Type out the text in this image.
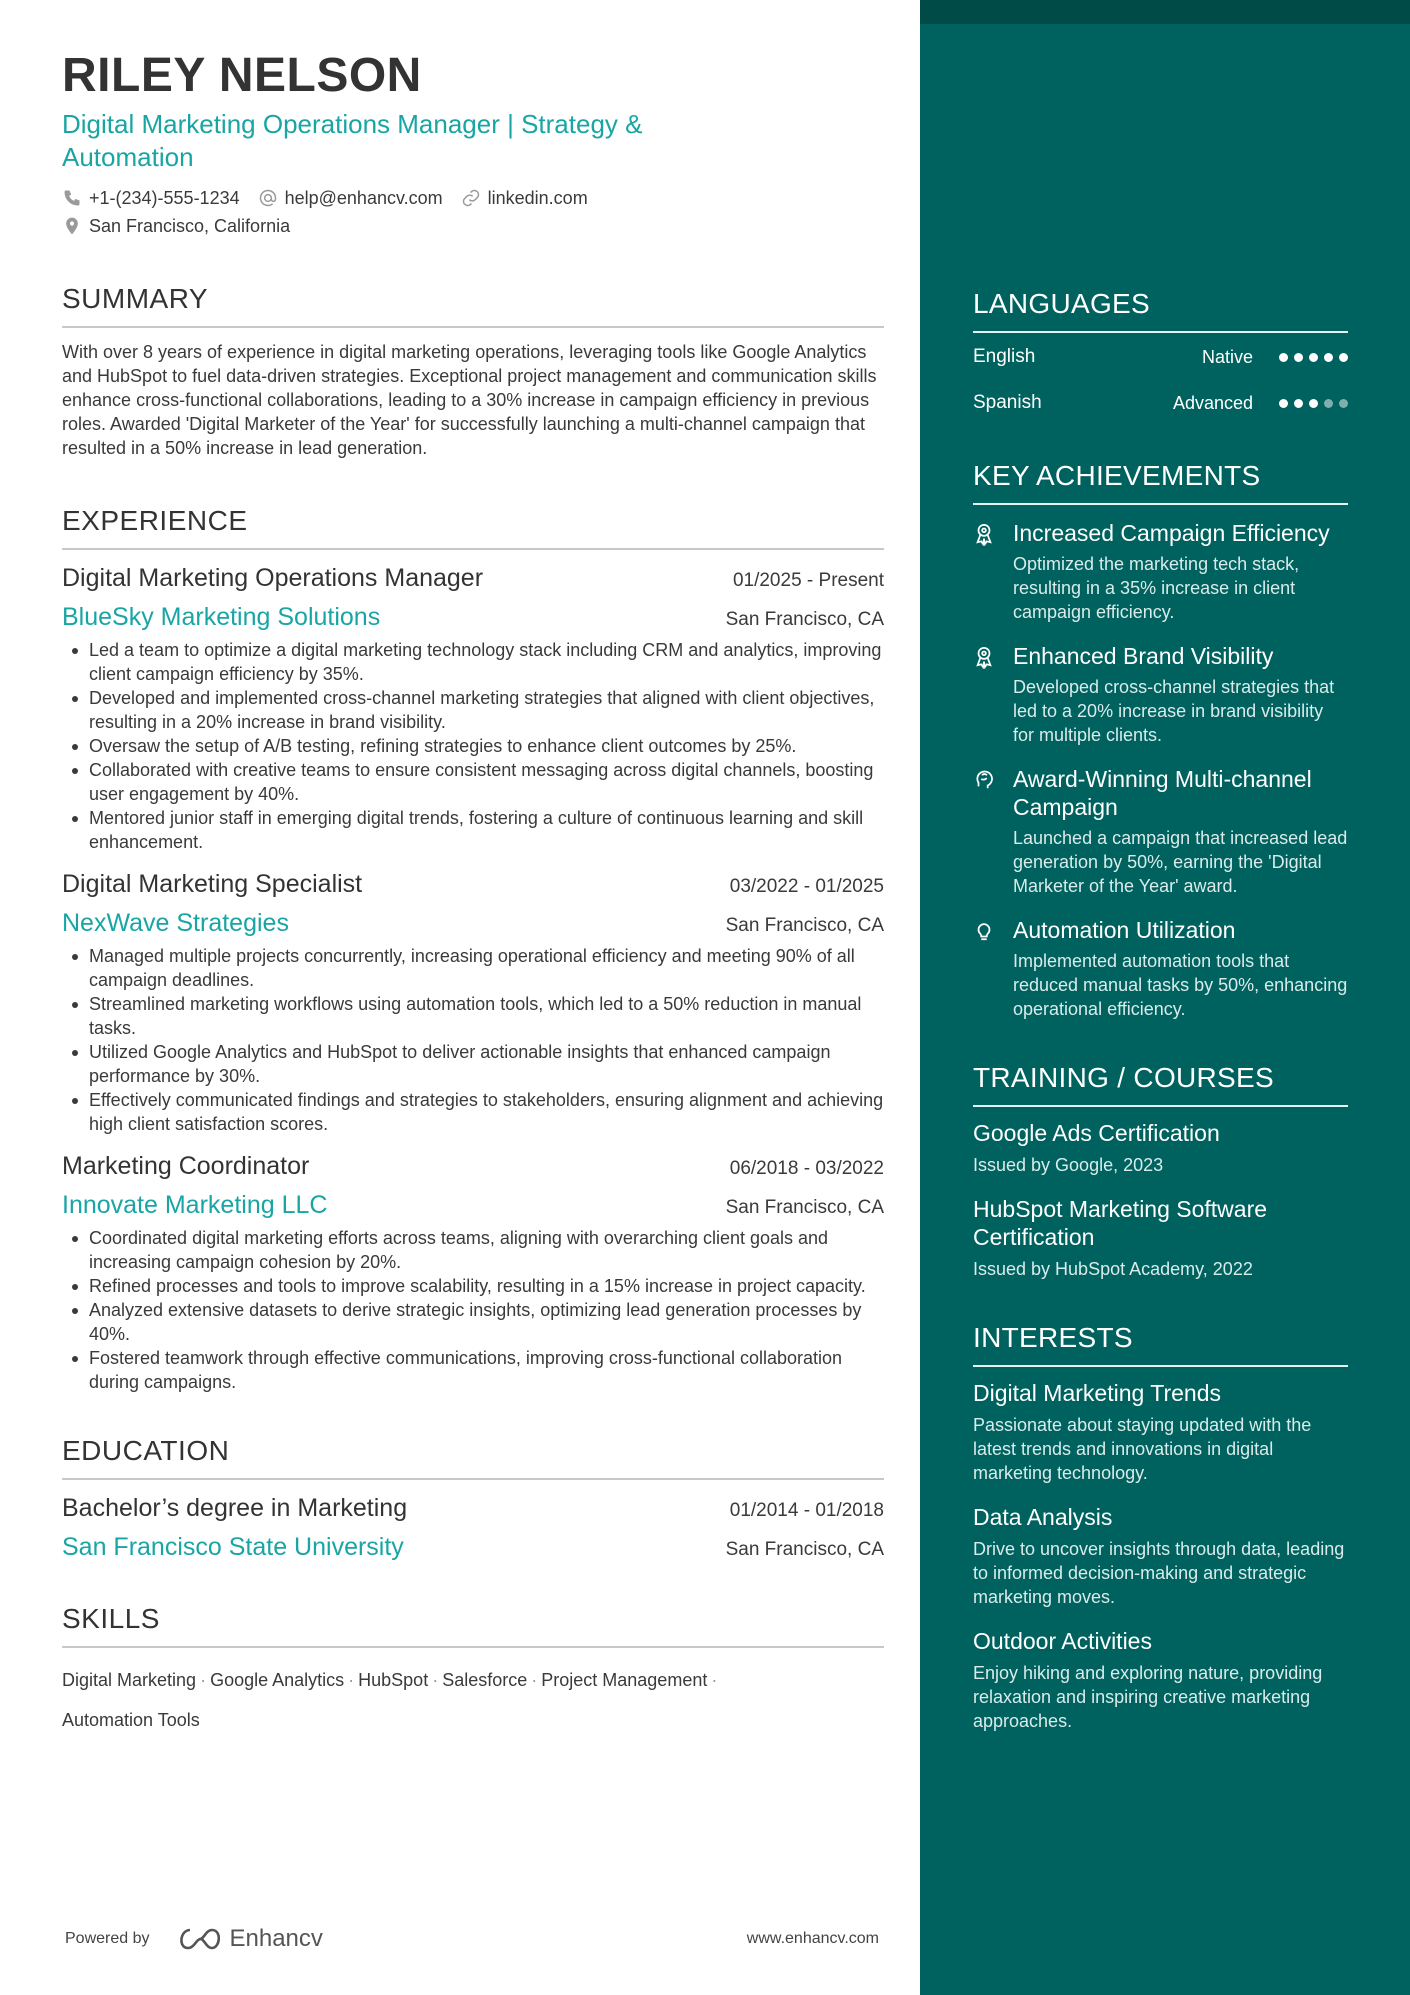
RILEY NELSON
Digital Marketing Operations Manager | Strategy & Automation
+1-(234)-555-1234	help@enhancv.com	linkedin.com
San Francisco, California
SUMMARY
With over 8 years of experience in digital marketing operations, leveraging tools like Google Analytics and HubSpot to fuel data-driven strategies. Exceptional project management and communication skills enhance cross-functional collaborations, leading to a 30% increase in campaign efficiency in previous roles. Awarded 'Digital Marketer of the Year' for successfully launching a multi-channel campaign that resulted in a 50% increase in lead generation.
EXPERIENCE
Digital Marketing Operations Manager	01/2025 - Present
BlueSky Marketing Solutions	San Francisco, CA
Led a team to optimize a digital marketing technology stack including CRM and analytics, improving client campaign efficiency by 35%.
Developed and implemented cross-channel marketing strategies that aligned with client objectives, resulting in a 20% increase in brand visibility.
Oversaw the setup of A/B testing, refining strategies to enhance client outcomes by 25%.
Collaborated with creative teams to ensure consistent messaging across digital channels, boosting user engagement by 40%.
Mentored junior staff in emerging digital trends, fostering a culture of continuous learning and skill enhancement.
Digital Marketing Specialist	03/2022 - 01/2025
NexWave Strategies	San Francisco, CA
Managed multiple projects concurrently, increasing operational efficiency and meeting 90% of all campaign deadlines.
Streamlined marketing workflows using automation tools, which led to a 50% reduction in manual tasks.
Utilized Google Analytics and HubSpot to deliver actionable insights that enhanced campaign performance by 30%.
Effectively communicated findings and strategies to stakeholders, ensuring alignment and achieving high client satisfaction scores.
Marketing Coordinator	06/2018 - 03/2022
Innovate Marketing LLC	San Francisco, CA
Coordinated digital marketing efforts across teams, aligning with overarching client goals and increasing campaign cohesion by 20%.
Refined processes and tools to improve scalability, resulting in a 15% increase in project capacity.
Analyzed extensive datasets to derive strategic insights, optimizing lead generation processes by 40%.
Fostered teamwork through effective communications, improving cross-functional collaboration during campaigns.
EDUCATION
Bachelor’s degree in Marketing	01/2014 - 01/2018
San Francisco State University	San Francisco, CA
SKILLS
Digital Marketing · Google Analytics · HubSpot · Salesforce · Project Management ·
Automation Tools
Powered by	Enhancv	www.enhancv.com
LANGUAGES
English	Native
Spanish	Advanced
KEY ACHIEVEMENTS
Increased Campaign Efficiency
Optimized the marketing tech stack, resulting in a 35% increase in client campaign efficiency.
Enhanced Brand Visibility
Developed cross-channel strategies that led to a 20% increase in brand visibility for multiple clients.
Award-Winning Multi-channel Campaign
Launched a campaign that increased lead generation by 50%, earning the 'Digital Marketer of the Year' award.
Automation Utilization
Implemented automation tools that reduced manual tasks by 50%, enhancing operational efficiency.
TRAINING / COURSES
Google Ads Certification
Issued by Google, 2023
HubSpot Marketing Software Certification
Issued by HubSpot Academy, 2022
INTERESTS
Digital Marketing Trends
Passionate about staying updated with the latest trends and innovations in digital marketing technology.
Data Analysis
Drive to uncover insights through data, leading to informed decision-making and strategic marketing moves.
Outdoor Activities
Enjoy hiking and exploring nature, providing relaxation and inspiring creative marketing approaches.
